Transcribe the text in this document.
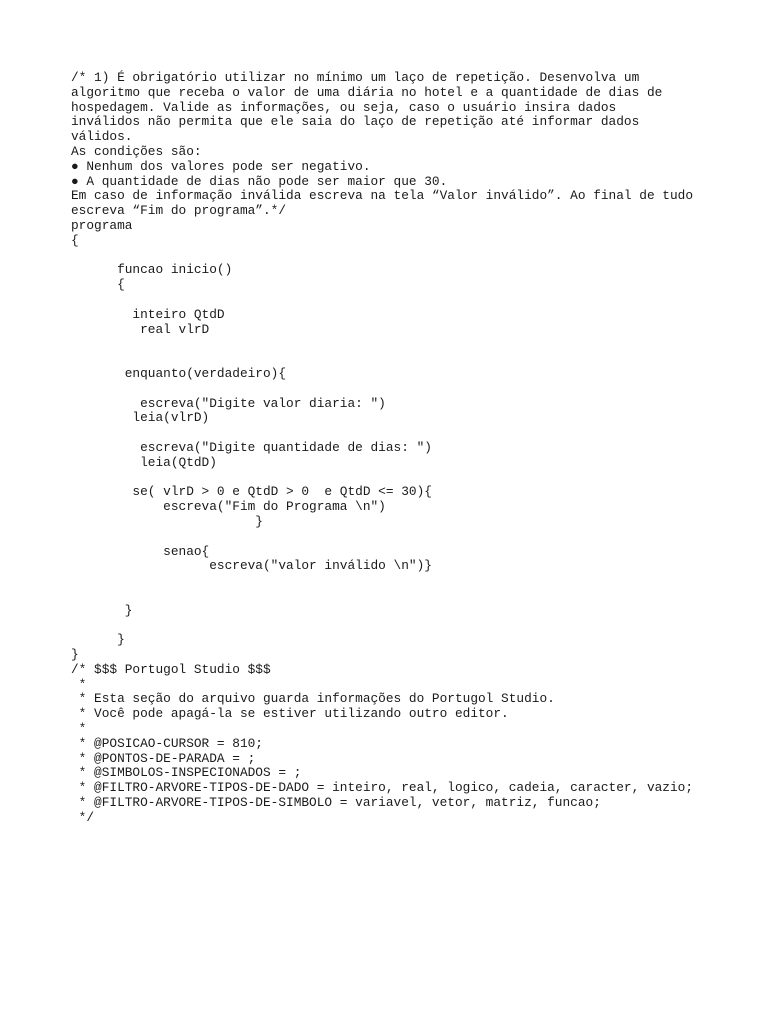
/* 1) É obrigatório utilizar no mínimo um laço de repetição. Desenvolva um
algoritmo que receba o valor de uma diária no hotel e a quantidade de dias de
hospedagem. Valide as informações, ou seja, caso o usuário insira dados
inválidos não permita que ele saia do laço de repetição até informar dados
válidos.
As condições são:
● Nenhum dos valores pode ser negativo.
● A quantidade de dias não pode ser maior que 30.
Em caso de informação inválida escreva na tela “Valor inválido”. Ao final de tudo
escreva “Fim do programa”.*/
programa
{
funcao inicio()
{
inteiro QtdD
real vlrD
enquanto(verdadeiro){
escreva("Digite valor diaria: ")
leia(vlrD)
escreva("Digite quantidade de dias: ")
leia(QtdD)
se( vlrD > 0 e QtdD > 0  e QtdD <= 30){
escreva("Fim do Programa \n")
}
senao{
escreva("valor inválido \n")}
}
}
}
/* $$$ Portugol Studio $$$
*
* Esta seção do arquivo guarda informações do Portugol Studio.
* Você pode apagá-la se estiver utilizando outro editor.
*
* @POSICAO-CURSOR = 810;
* @PONTOS-DE-PARADA = ;
* @SIMBOLOS-INSPECIONADOS = ;
* @FILTRO-ARVORE-TIPOS-DE-DADO = inteiro, real, logico, cadeia, caracter, vazio;
* @FILTRO-ARVORE-TIPOS-DE-SIMBOLO = variavel, vetor, matriz, funcao;
*/
